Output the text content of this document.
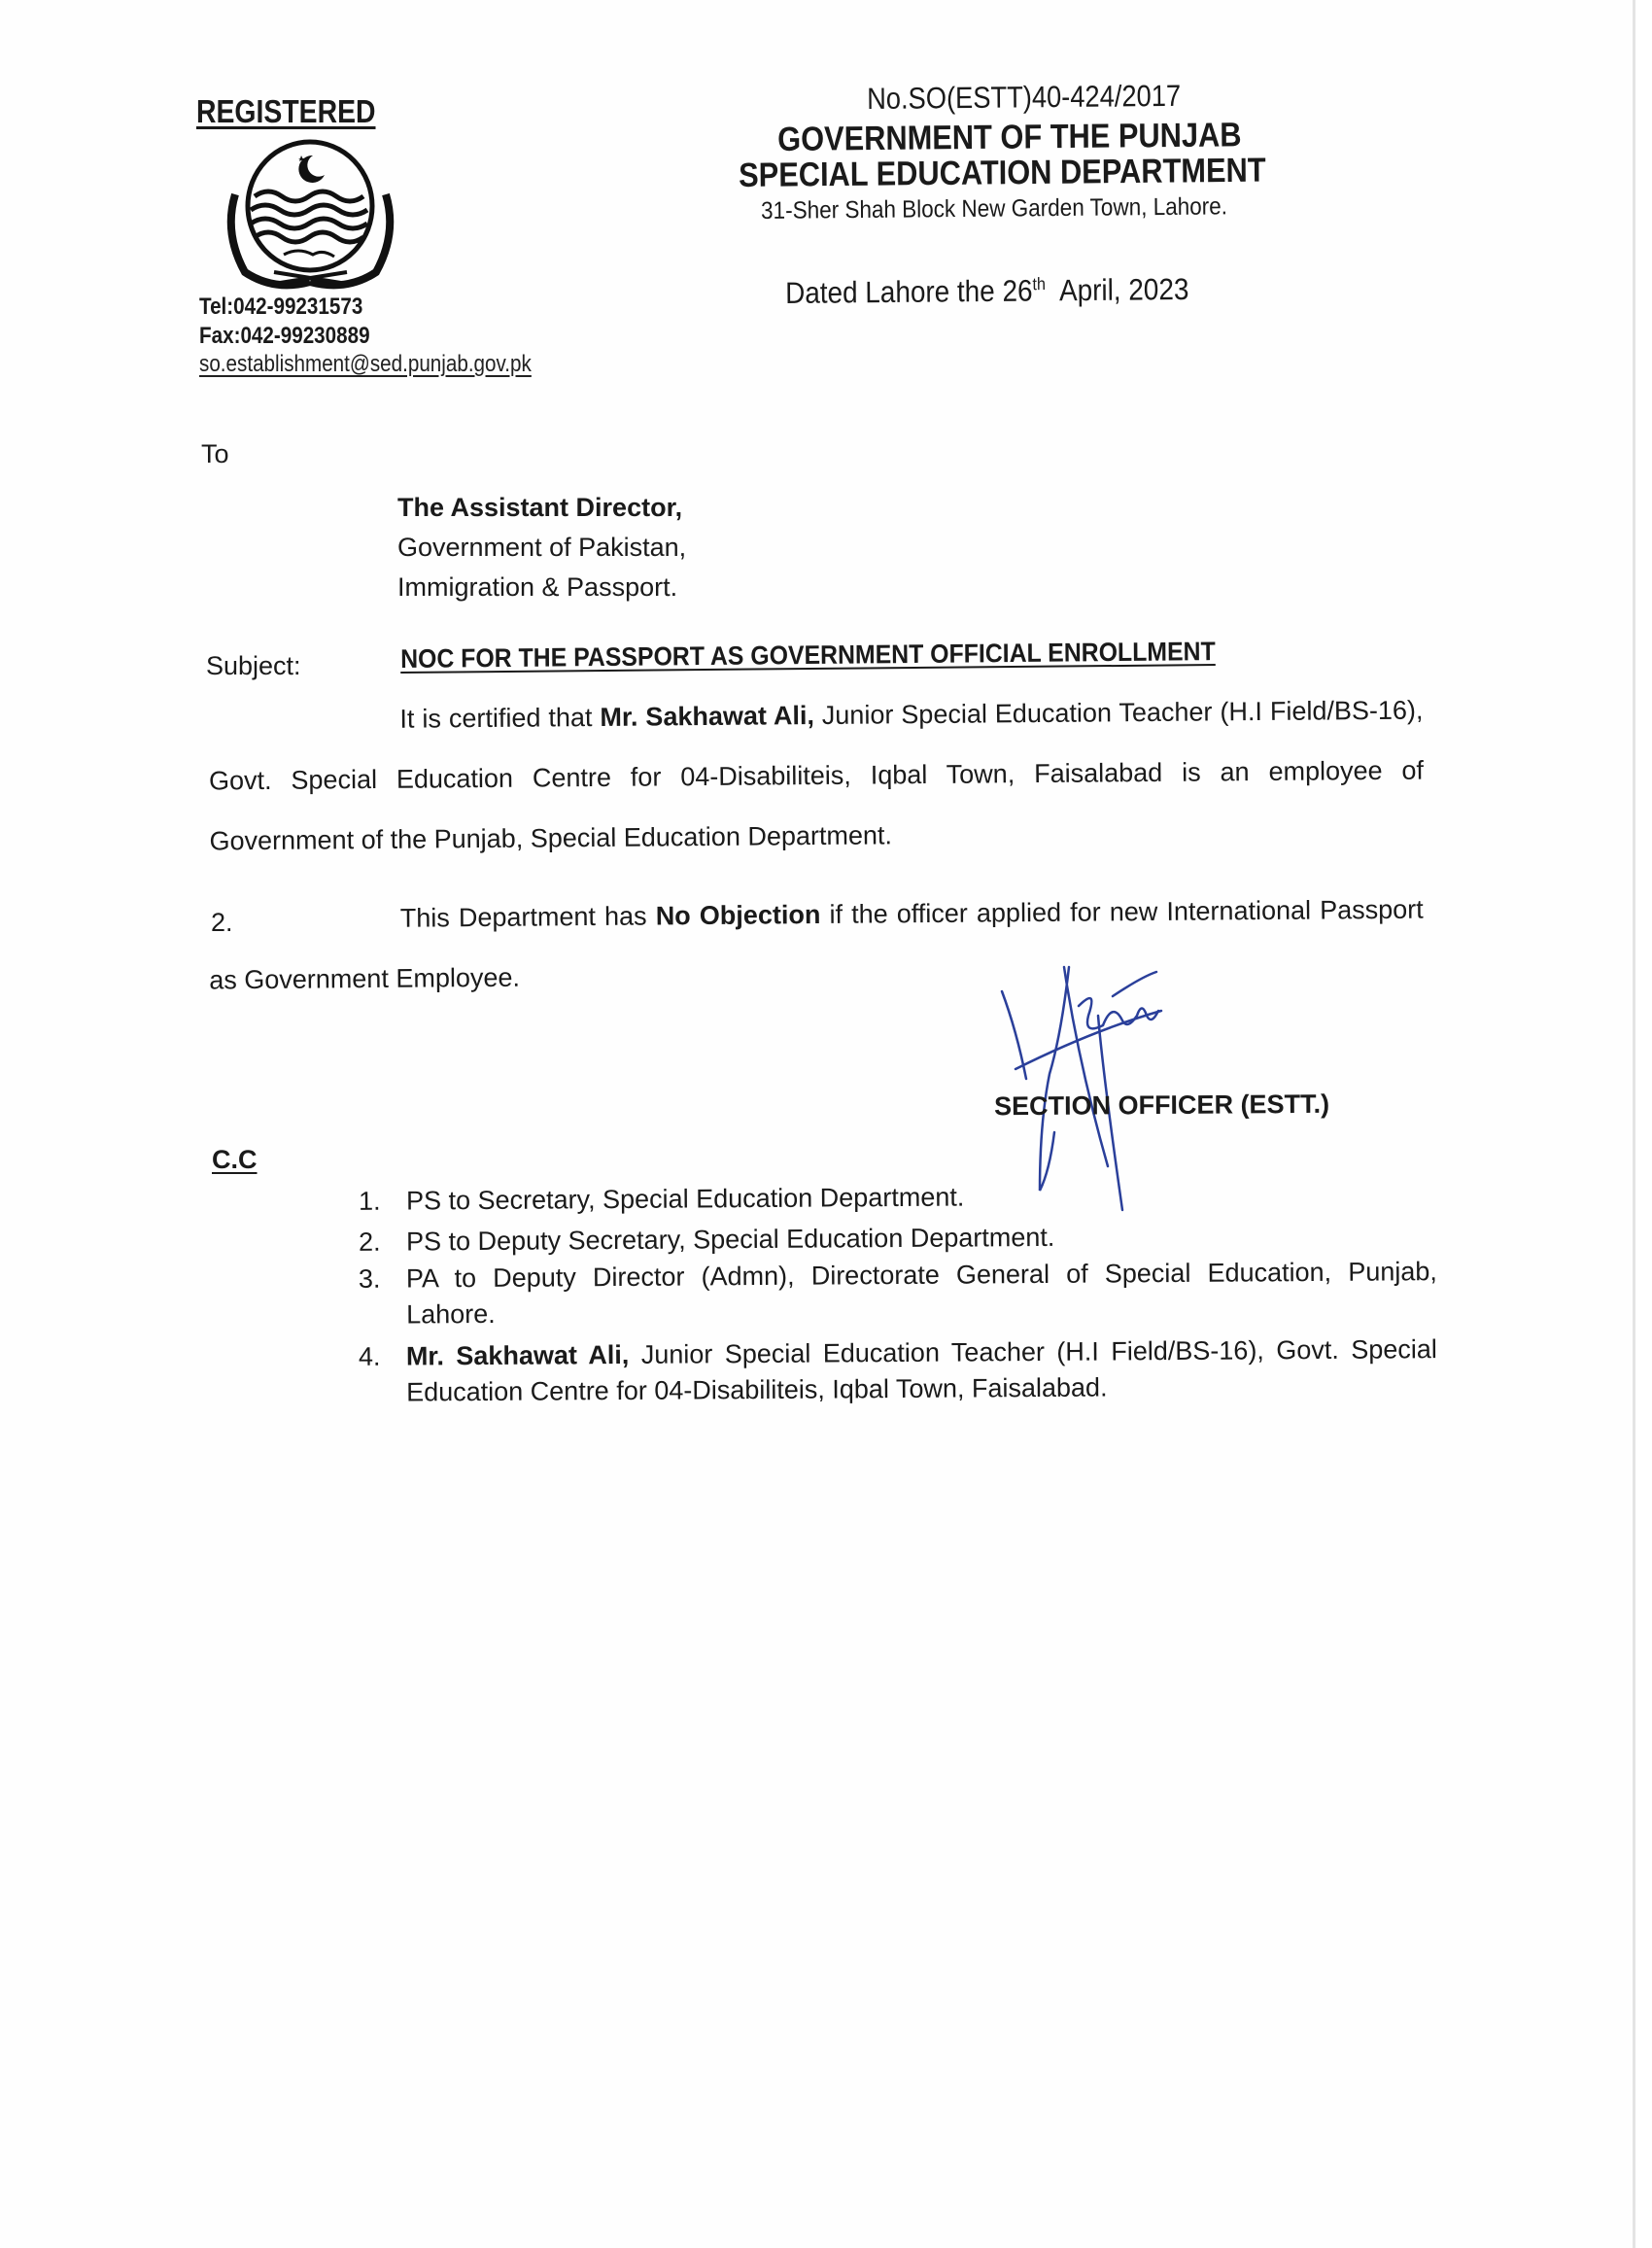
REGISTERED
Tel:042-99231573
Fax:042-99230889
so.establishment@sed.punjab.gov.pk
No.SO(ESTT)40-424/2017
GOVERNMENT OF THE PUNJAB
SPECIAL EDUCATION DEPARTMENT
31-Sher Shah Block New Garden Town, Lahore.
Dated Lahore the 26th April, 2023
To
The Assistant Director,
Government of Pakistan,
Immigration & Passport.
Subject:	NOC FOR THE PASSPORT AS GOVERNMENT OFFICIAL ENROLLMENT
It is certified that Mr. Sakhawat Ali, Junior Special Education Teacher (H.I Field/BS-16), Govt. Special Education Centre for 04-Disabiliteis, Iqbal Town, Faisalabad is an employee of Government of the Punjab, Special Education Department.
2.	This Department has No Objection if the officer applied for new International Passport as Government Employee.
SECTION OFFICER (ESTT.)
C.C
1. PS to Secretary, Special Education Department.
2. PS to Deputy Secretary, Special Education Department.
3. PA to Deputy Director (Admn), Directorate General of Special Education, Punjab, Lahore.
4. Mr. Sakhawat Ali, Junior Special Education Teacher (H.I Field/BS-16), Govt. Special Education Centre for 04-Disabiliteis, Iqbal Town, Faisalabad.
